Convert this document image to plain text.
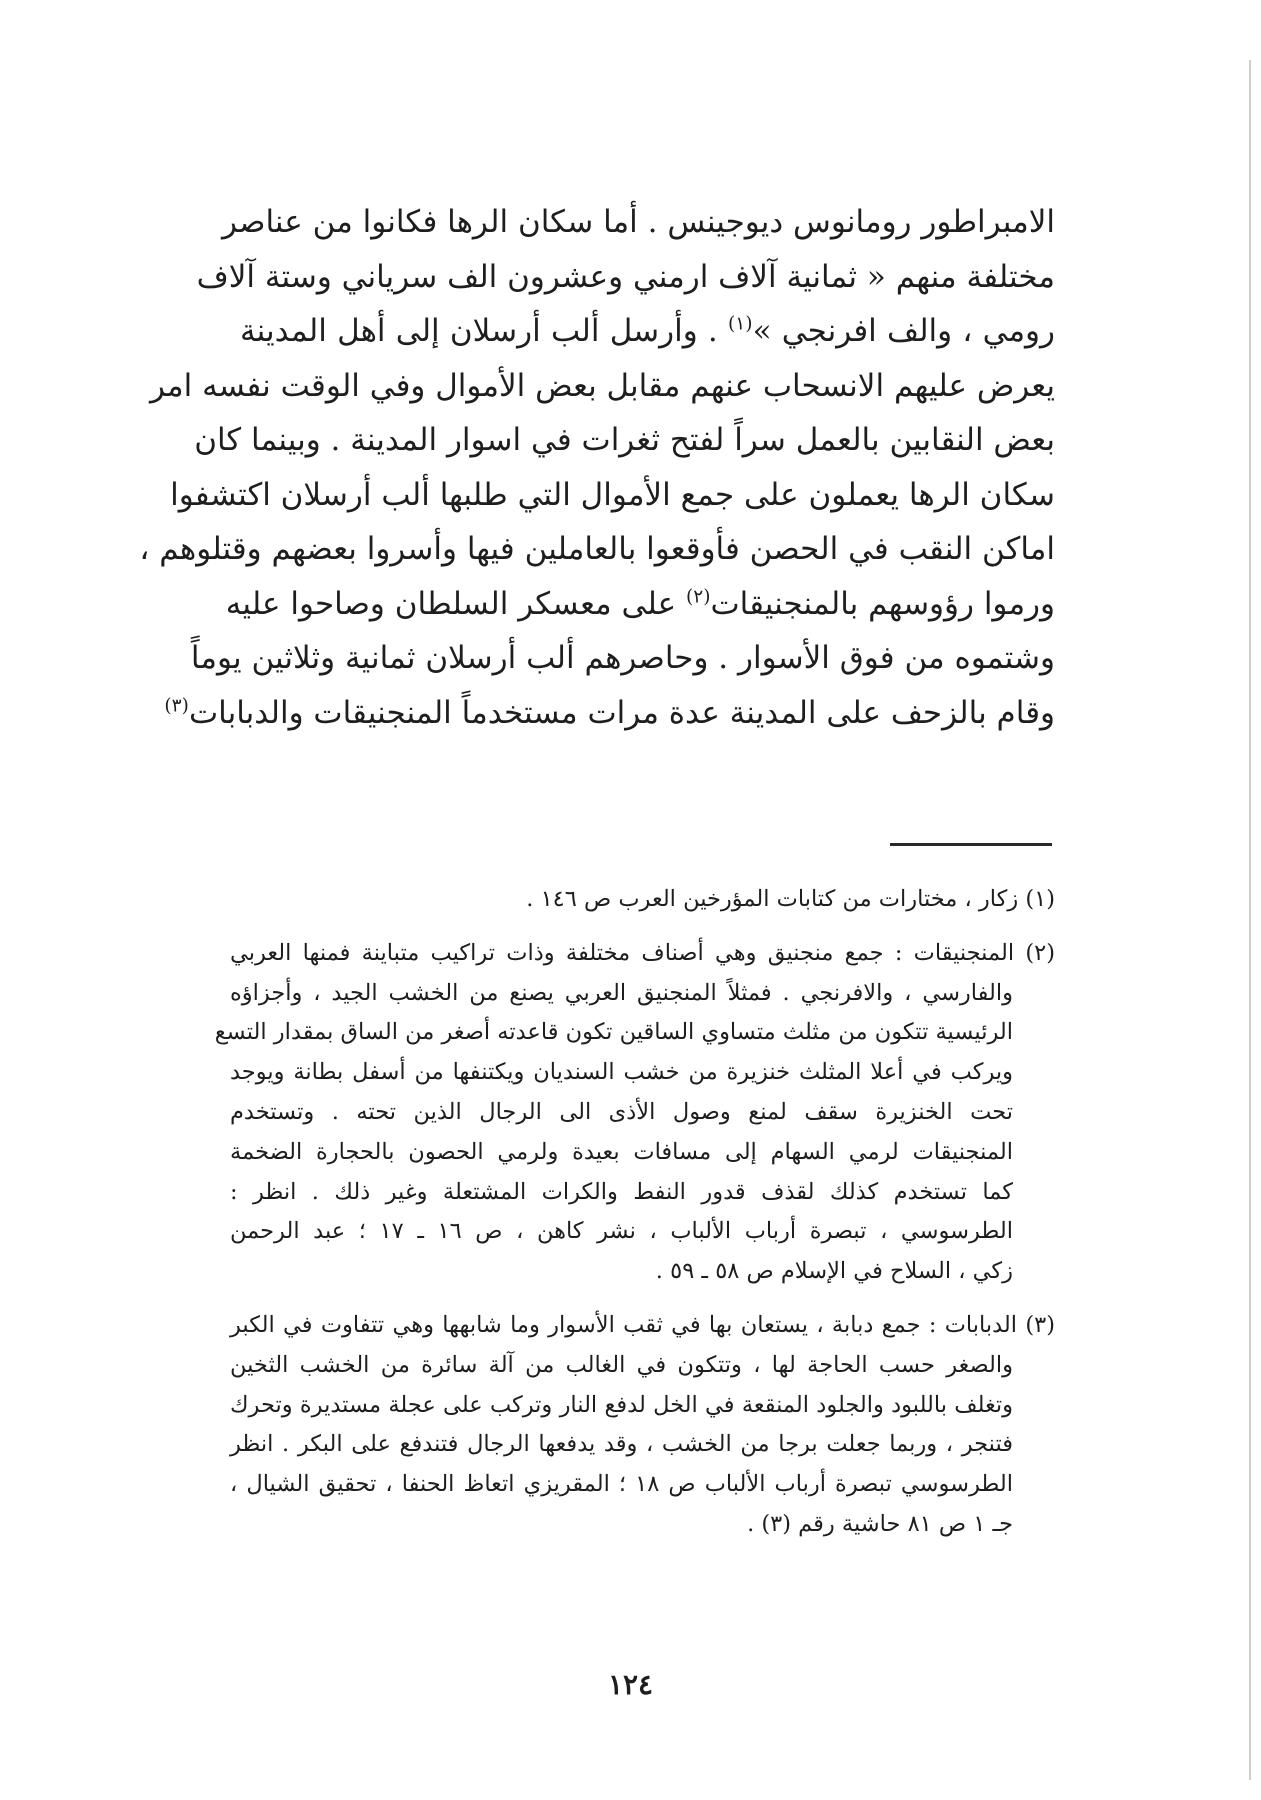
الامبراطور رومانوس ديوجينس . أما سكان الرها فكانوا من عناصر
مختلفة منهم « ثمانية آلاف ارمني وعشرون الف سرياني وستة آلاف
رومي ، والف افرنجي »$^{(١)}$ . وأرسل ألب أرسلان إلى أهل المدينة
يعرض عليهم الانسحاب عنهم مقابل بعض الأموال وفي الوقت نفسه امر
بعض النقابين بالعمل سراً لفتح ثغرات في اسوار المدينة . وبينما كان
سكان الرها يعملون على جمع الأموال التي طلبها ألب أرسلان اكتشفوا
اماكن النقب في الحصن فأوقعوا بالعاملين فيها وأسروا بعضهم وقتلوهم ،
ورموا رؤوسهم بالمنجنيقات$^{(٢)}$ على معسكر السلطان وصاحوا عليه
وشتموه من فوق الأسوار . وحاصرهم ألب أرسلان ثمانية وثلاثين يوماً
وقام بالزحف على المدينة عدة مرات مستخدماً المنجنيقات والدبابات$^{(٣)}$
(١) زكار ، مختارات من كتابات المؤرخين العرب ص ١٤٦ .
(٢) المنجنيقات : جمع منجنيق وهي أصناف مختلفة وذات تراكيب متباينة فمنها العربي
والفارسي ، والافرنجي . فمثلاً المنجنيق العربي يصنع من الخشب الجيد ، وأجزاؤه
الرئيسية تتكون من مثلث متساوي الساقين تكون قاعدته أصغر من الساق بمقدار التسع
ويركب في أعلا المثلث خنزيرة من خشب السنديان ويكتنفها من أسفل بطانة ويوجد
تحت الخنزيرة سقف لمنع وصول الأذى الى الرجال الذين تحته . وتستخدم
المنجنيقات لرمي السهام إلى مسافات بعيدة ولرمي الحصون بالحجارة الضخمة
كما تستخدم كذلك لقذف قدور النفط والكرات المشتعلة وغير ذلك . انظر :
الطرسوسي ، تبصرة أرباب الألباب ، نشر كاهن ، ص ١٦ ـ ١٧ ؛ عبد الرحمن
زكي ، السلاح في الإسلام ص ٥٨ ـ ٥٩ .
(٣) الدبابات : جمع دبابة ، يستعان بها في ثقب الأسوار وما شابهها وهي تتفاوت في الكبر
والصغر حسب الحاجة لها ، وتتكون في الغالب من آلة سائرة من الخشب الثخين
وتغلف باللبود والجلود المنقعة في الخل لدفع النار وتركب على عجلة مستديرة وتحرك
فتنجر ، وربما جعلت برجا من الخشب ، وقد يدفعها الرجال فتندفع على البكر . انظر
الطرسوسي تبصرة أرباب الألباب ص ١٨ ؛ المقريزي اتعاظ الحنفا ، تحقيق الشيال ،
جـ ١ ص ٨١ حاشية رقم (٣) .
١٢٤
